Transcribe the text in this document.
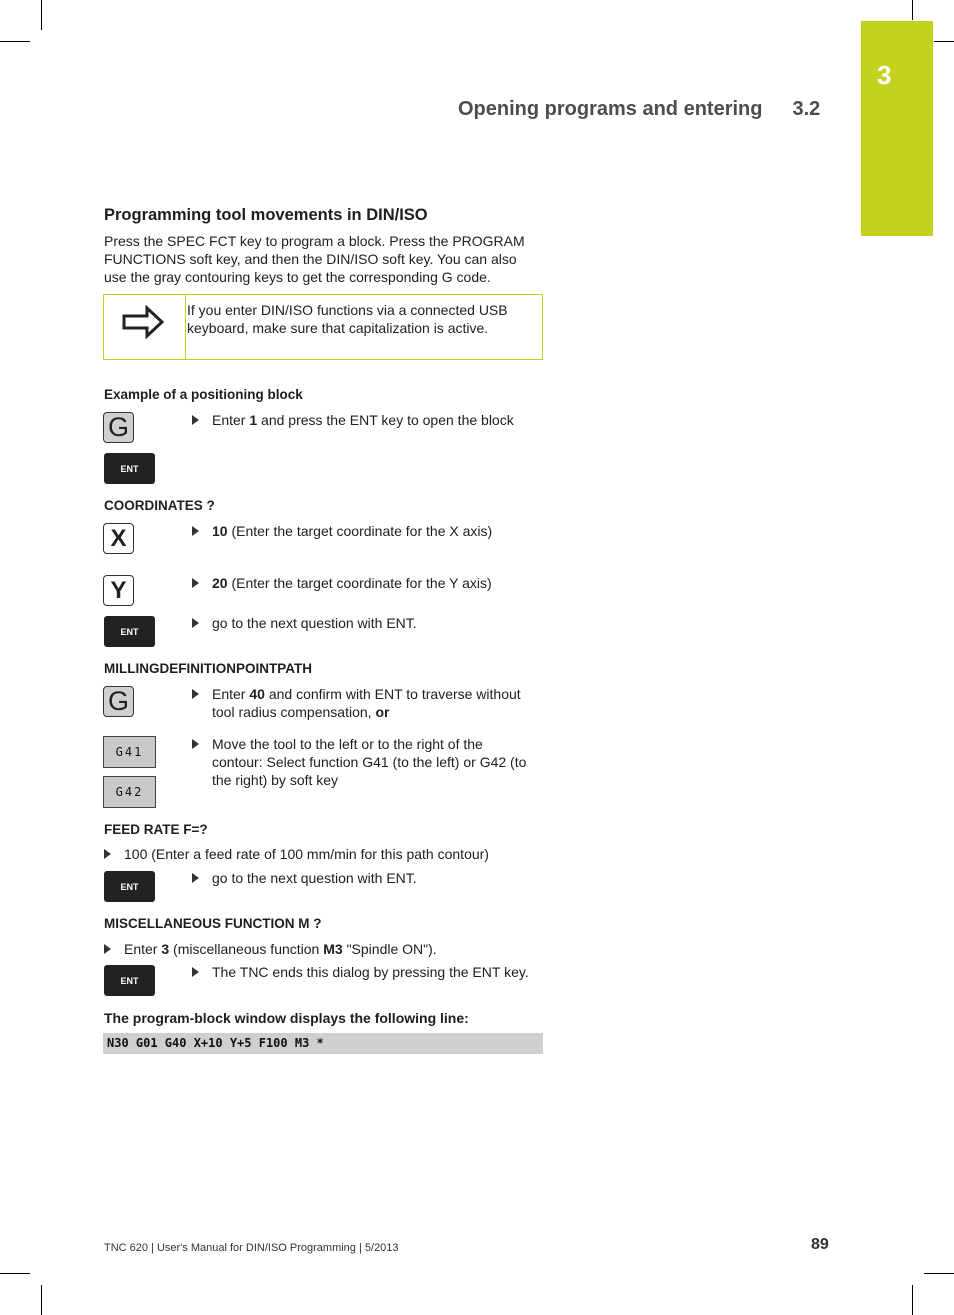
3
Opening programs and entering 3.2
Programming tool movements in DIN/ISO
Press the SPEC FCT key to program a block. Press the PROGRAM
FUNCTIONS soft key, and then the DIN/ISO soft key. You can also
use the gray contouring keys to get the corresponding G code.
If you enter DIN/ISO functions via a connected USB
keyboard, make sure that capitalization is active.
Example of a positioning block
G	Enter 1 and press the ENT key to open the block
ENT
COORDINATES ?
X	10 (Enter the target coordinate for the X axis)
Y	20 (Enter the target coordinate for the Y axis)
ENT
go to the next question with ENT.
MILLINGDEFINITIONPOINTPATH
G	Enter 40 and confirm with ENT to traverse without
tool radius compensation, or
G41	Move the tool to the left or to the right of the
contour: Select function G41 (to the left) or G42 (to
the right) by soft key
G42
FEED RATE F=?
100 (Enter a feed rate of 100 mm/min for this path contour)
ENT
go to the next question with ENT.
MISCELLANEOUS FUNCTION M ?
Enter 3 (miscellaneous function M3 "Spindle ON").
ENT
The TNC ends this dialog by pressing the ENT key.
The program-block window displays the following line:
N30 G01 G40 X+10 Y+5 F100 M3 *
TNC 620 | User's Manual for DIN/ISO Programming | 5/2013	89
